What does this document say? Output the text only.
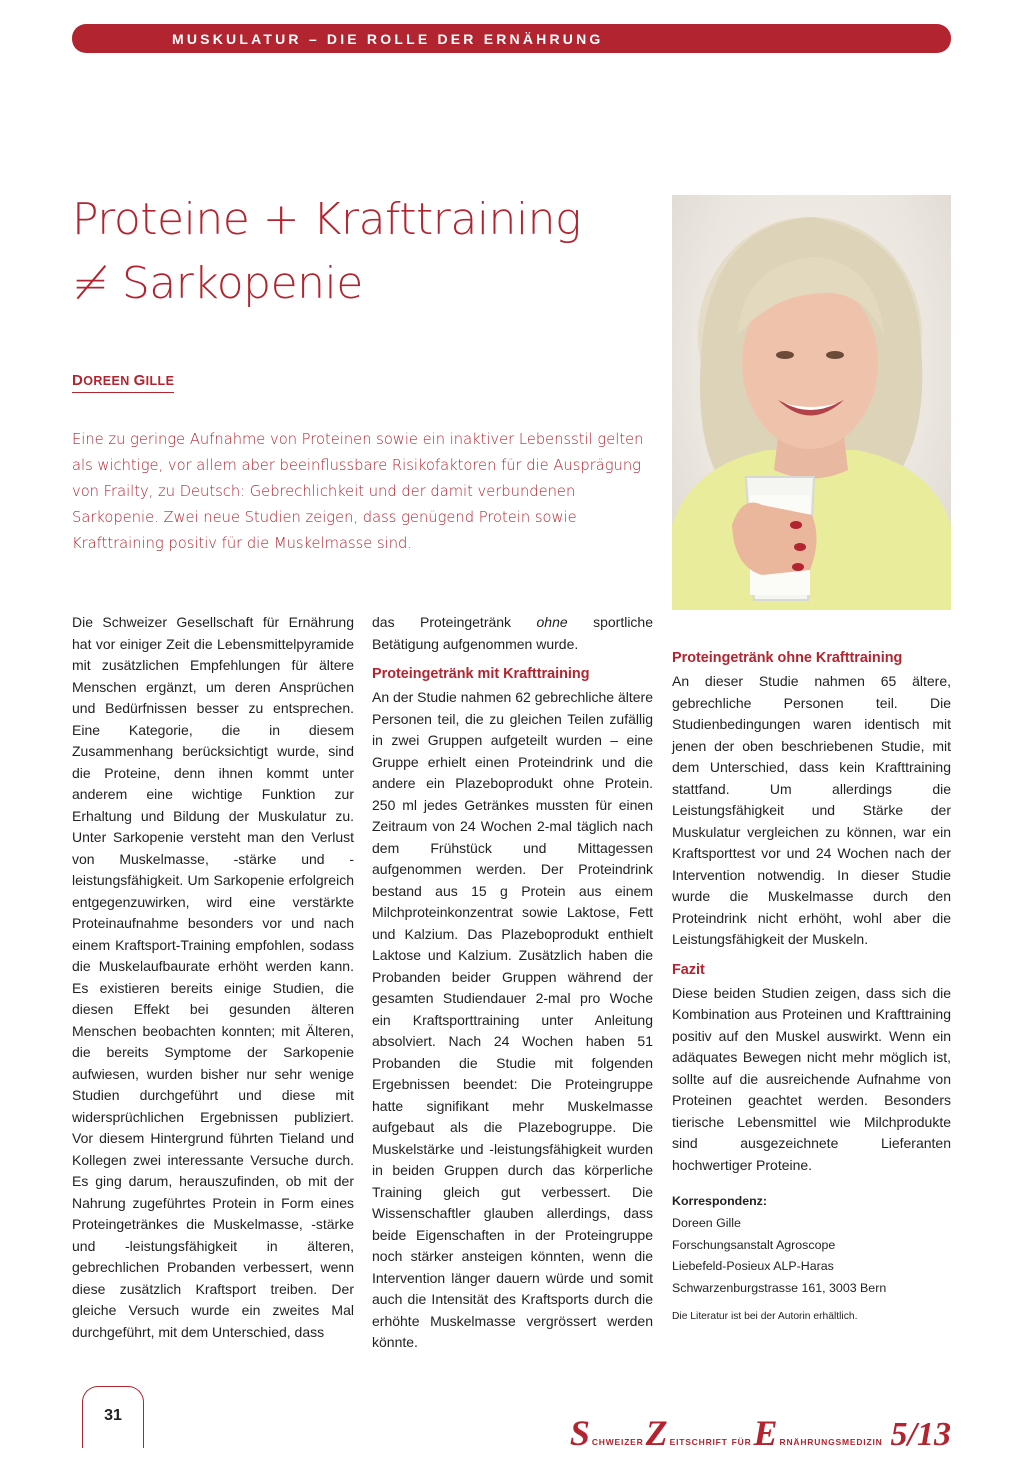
MUSKULATUR – DIE ROLLE DER ERNÄHRUNG
Proteine + Krafttraining
≠ Sarkopenie
DOREEN GILLE

Eine zu geringe Aufnahme von Proteinen sowie ein inaktiver Lebensstil gelten als wichtige, vor allem aber beeinflussbare Risikofaktoren für die Ausprägung von Frailty, zu Deutsch: Gebrechlichkeit und der damit verbundenen Sarkopenie. Zwei neue Studien zeigen, dass genügend Protein sowie Krafttraining positiv für die Muskelmasse sind.

Die Schweizer Gesellschaft für Ernährung hat vor einiger Zeit die Lebensmittelpyramide mit zusätzlichen Empfehlungen für ältere Menschen ergänzt, um deren Ansprüchen und Bedürfnissen besser zu entsprechen. Eine Kategorie, die in diesem Zusammenhang berücksichtigt wurde, sind die Proteine, denn ihnen kommt unter anderem eine wichtige Funktion zur Erhaltung und Bildung der Muskulatur zu. Unter Sarkopenie versteht man den Verlust von Muskelmasse, -stärke und -leistungsfähigkeit. Um Sarkopenie erfolgreich entgegenzuwirken, wird eine verstärkte Proteinaufnahme besonders vor und nach einem Kraftsport-Training empfohlen, sodass die Muskelaufbaurate erhöht werden kann. Es existieren bereits einige Studien, die diesen Effekt bei gesunden älteren Menschen beobachten konnten; mit Älteren, die bereits Symptome der Sarkopenie aufwiesen, wurden bisher nur sehr wenige Studien durchgeführt und diese mit widersprüchlichen Ergebnissen publiziert. Vor diesem Hintergrund führten Tieland und Kollegen zwei interessante Versuche durch. Es ging darum, herauszufinden, ob mit der Nahrung zugeführtes Protein in Form eines Proteingetränkes die Muskelmasse, -stärke und -leistungsfähigkeit in älteren, gebrechlichen Probanden verbessert, wenn diese zusätzlich Kraftsport treiben. Der gleiche Versuch wurde ein zweites Mal durchgeführt, mit dem Unterschied, dass

das Proteingetränk ohne sportliche Betätigung aufgenommen wurde.

Proteingetränk mit Krafttraining

An der Studie nahmen 62 gebrechliche ältere Personen teil, die zu gleichen Teilen zufällig in zwei Gruppen aufgeteilt wurden – eine Gruppe erhielt einen Proteindrink und die andere ein Plazeboprodukt ohne Protein. 250 ml jedes Getränkes mussten für einen Zeitraum von 24 Wochen 2-mal täglich nach dem Frühstück und Mittagessen aufgenommen werden. Der Proteindrink bestand aus 15 g Protein aus einem Milchproteinkonzentrat sowie Laktose, Fett und Kalzium. Das Plazeboprodukt enthielt Laktose und Kalzium. Zusätzlich haben die Probanden beider Gruppen während der gesamten Studiendauer 2-mal pro Woche ein Kraftsporttraining unter Anleitung absolviert. Nach 24 Wochen haben 51 Probanden die Studie mit folgenden Ergebnissen beendet: Die Proteingruppe hatte signifikant mehr Muskelmasse aufgebaut als die Plazebogruppe. Die Muskelstärke und -leistungsfähigkeit wurden in beiden Gruppen durch das körperliche Training gleich gut verbessert. Die Wissenschaftler glauben allerdings, dass beide Eigenschaften in der Proteingruppe noch stärker ansteigen könnten, wenn die Intervention länger dauern würde und somit auch die Intensität des Kraftsports durch die erhöhte Muskelmasse vergrössert werden könnte.

Proteingetränk ohne Krafttraining

An dieser Studie nahmen 65 ältere, gebrechliche Personen teil. Die Studienbedingungen waren identisch mit jenen der oben beschriebenen Studie, mit dem Unterschied, dass kein Krafttraining stattfand. Um allerdings die Leistungsfähigkeit und Stärke der Muskulatur vergleichen zu können, war ein Kraftsporttest vor und 24 Wochen nach der Intervention notwendig. In dieser Studie wurde die Muskelmasse durch den Proteindrink nicht erhöht, wohl aber die Leistungsfähigkeit der Muskeln.

Fazit

Diese beiden Studien zeigen, dass sich die Kombination aus Proteinen und Krafttraining positiv auf den Muskel auswirkt. Wenn ein adäquates Bewegen nicht mehr möglich ist, sollte auf die ausreichende Aufnahme von Proteinen geachtet werden. Besonders tierische Lebensmittel wie Milchprodukte sind ausgezeichnete Lieferanten hochwertiger Proteine.

Korrespondenz:
Doreen Gille
Forschungsanstalt Agroscope
Liebefeld-Posieux ALP-Haras
Schwarzenburgstrasse 161, 3003 Bern
Die Literatur ist bei der Autorin erhältlich.
31	S CHWEIZER Z EITSCHRIFT FÜR E RNÄHRUNGSMEDIZIN 5/13
